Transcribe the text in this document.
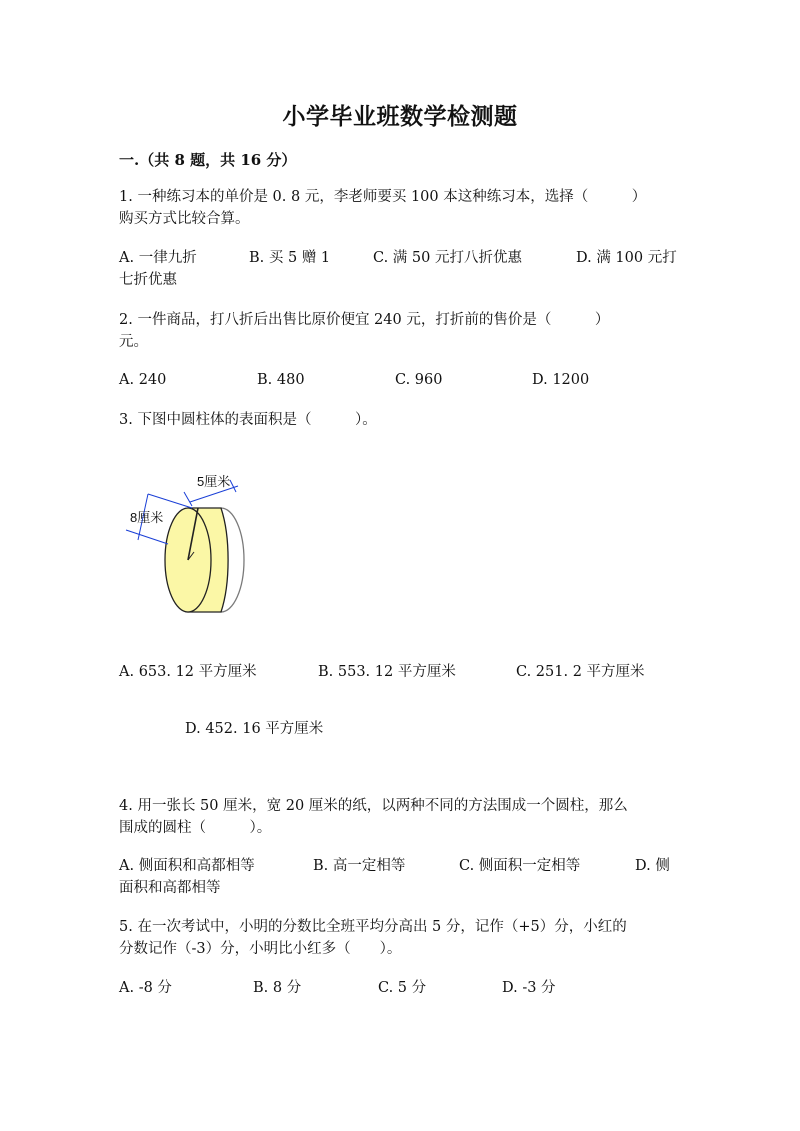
小学毕业班数学检测题
一.（共 8 题，共 16 分）
1. 一种练习本的单价是 0. 8 元，李老师要买 100 本这种练习本，选择（　　　）
购买方式比较合算。
A. 一律九折	B. 买 5 赠 1	C. 满 50 元打八折优惠	D. 满 100 元打
七折优惠
2. 一件商品，打八折后出售比原价便宜 240 元，打折前的售价是（　　　）
元。
A. 240	B. 480	C. 960	D. 1200
3. 下图中圆柱体的表面积是（　　　）。
5厘米
8厘米
A. 653. 12 平方厘米	B. 553. 12 平方厘米	C. 251. 2 平方厘米
D. 452. 16 平方厘米
4. 用一张长 50 厘米，宽 20 厘米的纸，以两种不同的方法围成一个圆柱，那么
围成的圆柱（　　　）。
A. 侧面积和高都相等	B. 高一定相等	C. 侧面积一定相等	D. 侧
面积和高都相等
5. 在一次考试中，小明的分数比全班平均分高出 5 分，记作（+5）分，小红的
分数记作（-3）分，小明比小红多（　　）。
A. -8 分	B. 8 分	C. 5 分	D. -3 分
